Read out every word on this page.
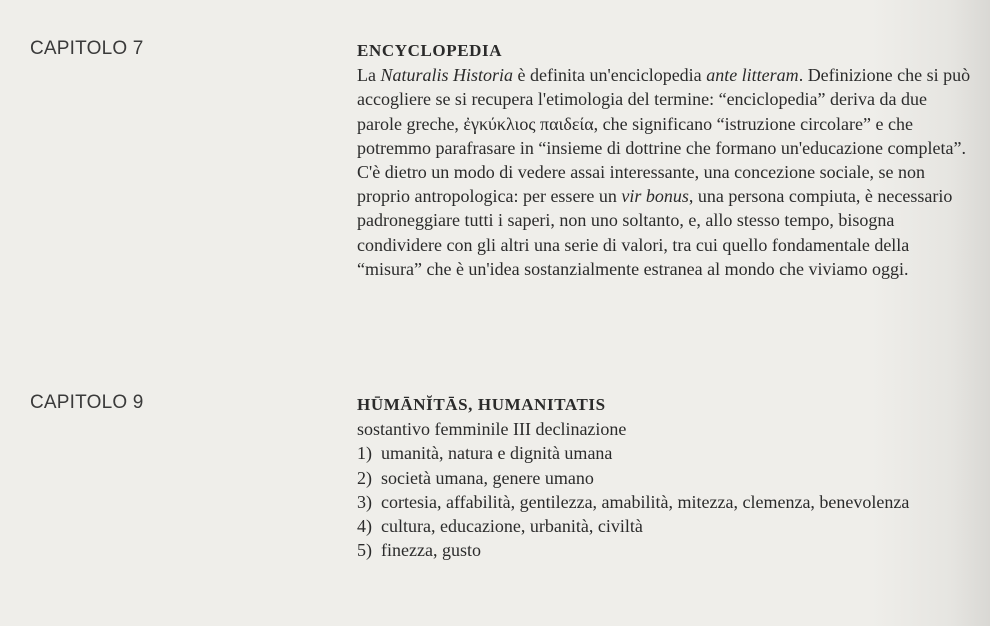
CAPITOLO 7	ENCYCLOPEDIA

La Naturalis Historia è definita un'enciclopedia ante litteram. Definizione che si può accogliere se si recupera l'etimologia del termine: “enciclopedia” deriva da due parole greche, ἐγκύκλιος παιδεία, che significano “istruzione circolare” e che potremmo parafrasare in “insieme di dottrine che formano un'educazione completa”. C'è dietro un modo di vedere assai interessante, una concezione sociale, se non proprio antropologica: per essere un vir bonus, una persona compiuta, è necessario padroneggiare tutti i saperi, non uno soltanto, e, allo stesso tempo, bisogna condividere con gli altri una serie di valori, tra cui quello fondamentale della “misura” che è un'idea sostanzialmente estranea al mondo che viviamo oggi.

CAPITOLO 9	HŪMĀNĬTĀS, HUMANITATIS
sostantivo femminile III declinazione
1) umanità, natura e dignità umana
2) società umana, genere umano
3) cortesia, affabilità, gentilezza, amabilità, mitezza, clemenza, benevolenza
4) cultura, educazione, urbanità, civiltà
5) finezza, gusto
